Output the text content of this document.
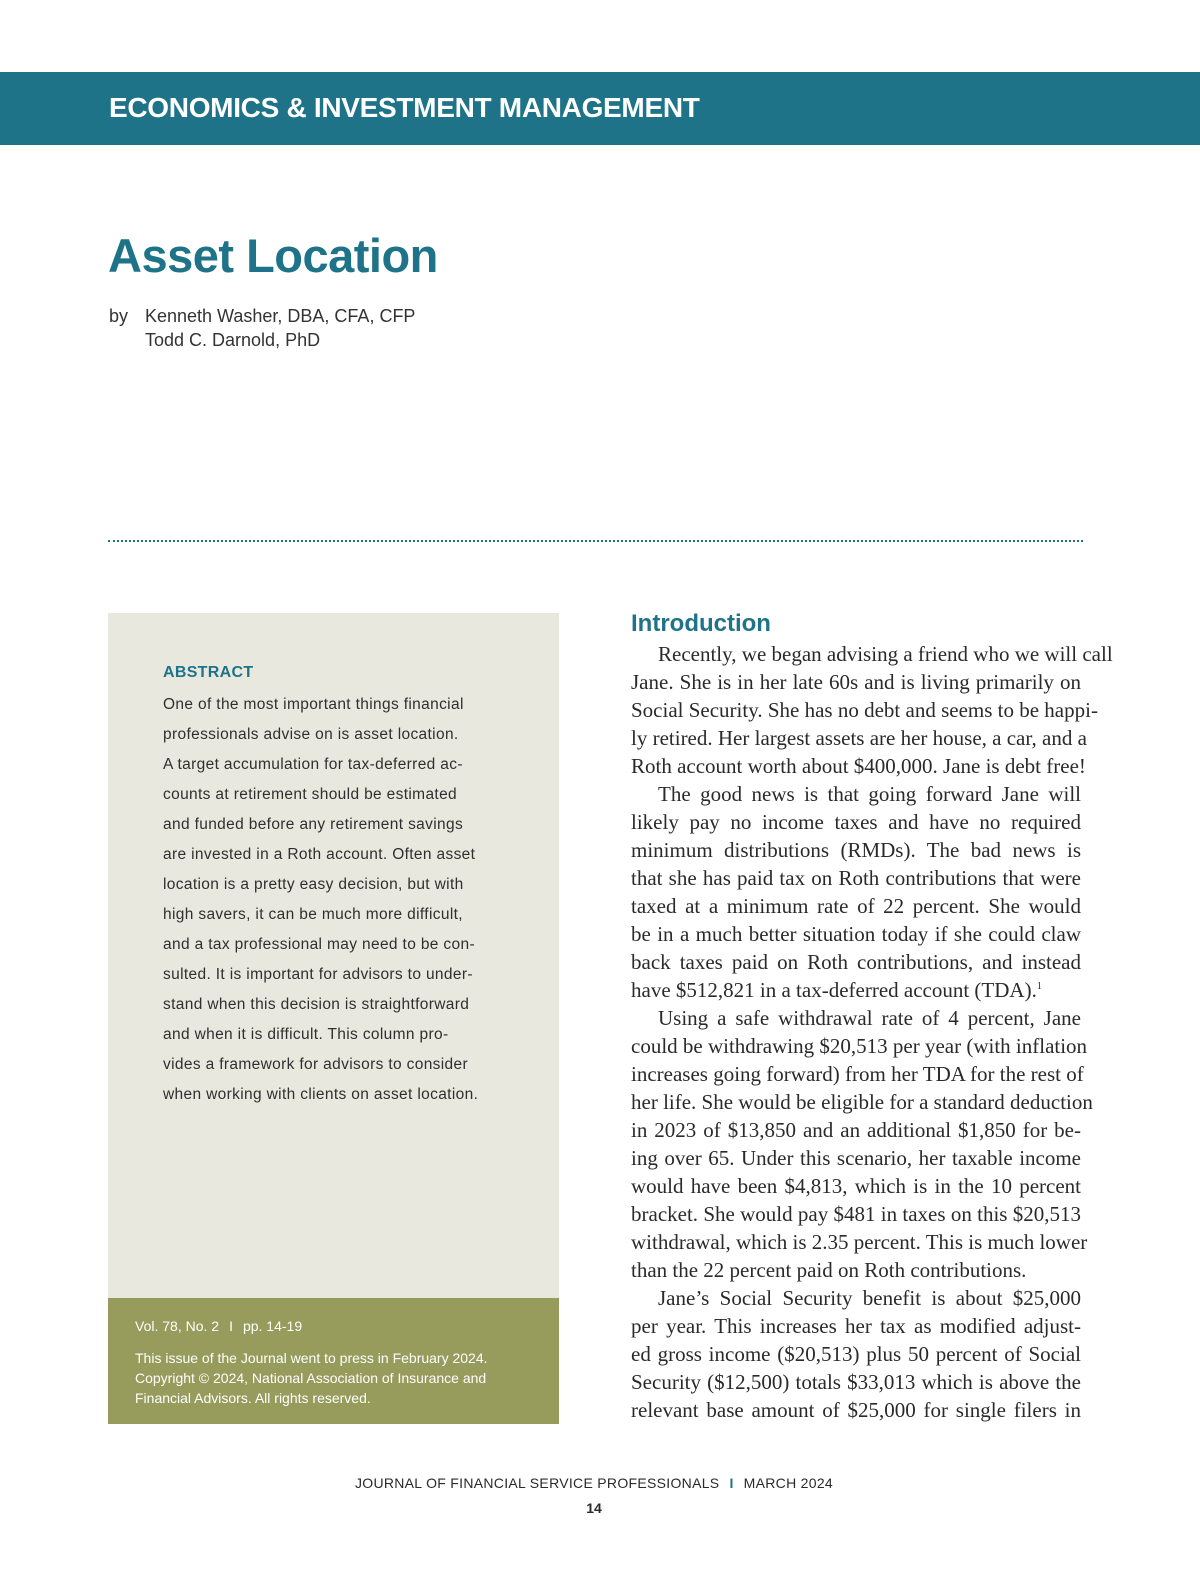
ECONOMICS & INVESTMENT MANAGEMENT
Asset Location
by Kenneth Washer, DBA, CFA, CFP
Todd C. Darnold, PhD
ABSTRACT
One of the most important things financial
professionals advise on is asset location.
A target accumulation for tax-deferred ac-
counts at retirement should be estimated
and funded before any retirement savings
are invested in a Roth account. Often asset
location is a pretty easy decision, but with
high savers, it can be much more difficult,
and a tax professional may need to be con-
sulted. It is important for advisors to under-
stand when this decision is straightforward
and when it is difficult. This column pro-
vides a framework for advisors to consider
when working with clients on asset location.
Vol. 78, No. 2 I pp. 14-19
This issue of the Journal went to press in February 2024.
Copyright © 2024, National Association of Insurance and
Financial Advisors. All rights reserved.
Introduction
Recently, we began advising a friend who we will call
Jane. She is in her late 60s and is living primarily on
Social Security. She has no debt and seems to be happi-
ly retired. Her largest assets are her house, a car, and a
Roth account worth about $400,000. Jane is debt free!
The good news is that going forward Jane will
likely pay no income taxes and have no required
minimum distributions (RMDs). The bad news is
that she has paid tax on Roth contributions that were
taxed at a minimum rate of 22 percent. She would
be in a much better situation today if she could claw
back taxes paid on Roth contributions, and instead
have $512,821 in a tax-deferred account (TDA).$^1$
Using a safe withdrawal rate of 4 percent, Jane
could be withdrawing $20,513 per year (with inflation
increases going forward) from her TDA for the rest of
her life. She would be eligible for a standard deduction
in 2023 of $13,850 and an additional $1,850 for be-
ing over 65. Under this scenario, her taxable income
would have been $4,813, which is in the 10 percent
bracket. She would pay $481 in taxes on this $20,513
withdrawal, which is 2.35 percent. This is much lower
than the 22 percent paid on Roth contributions.
Jane’s Social Security benefit is about $25,000
per year. This increases her tax as modified adjust-
ed gross income ($20,513) plus 50 percent of Social
Security ($12,500) totals $33,013 which is above the
relevant base amount of $25,000 for single filers in
JOURNAL OF FINANCIAL SERVICE PROFESSIONALS I MARCH 2024
14
